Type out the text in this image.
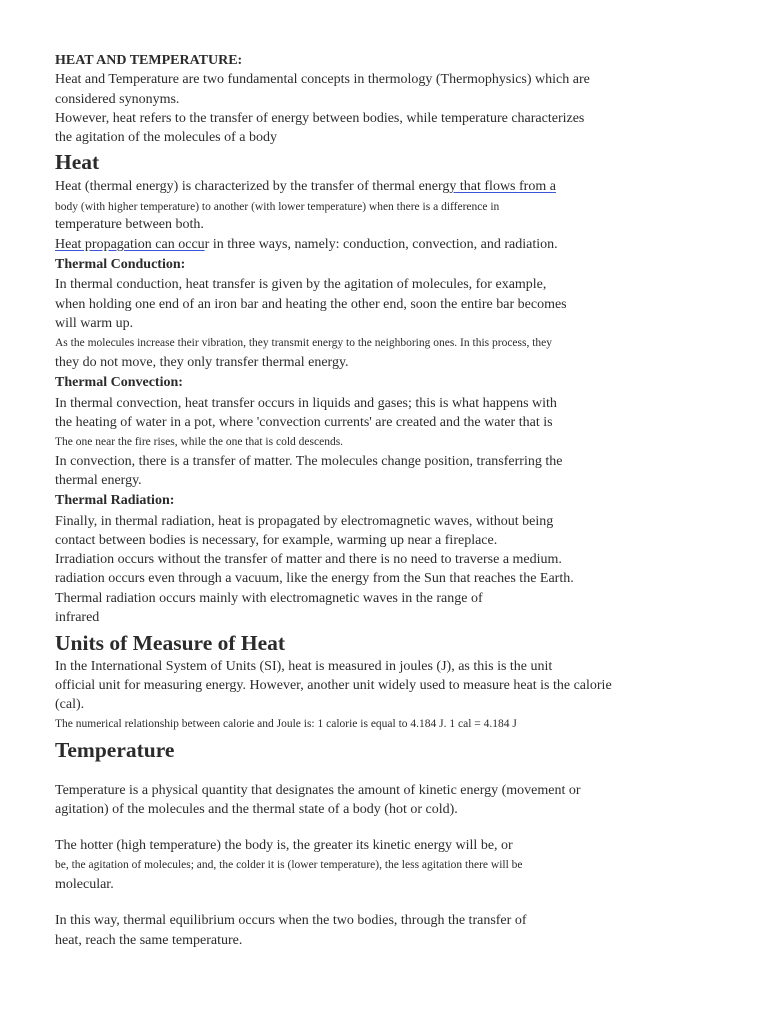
HEAT AND TEMPERATURE:
Heat and Temperature are two fundamental concepts in thermology (Thermophysics) which are
considered synonyms.
However, heat refers to the transfer of energy between bodies, while temperature characterizes
the agitation of the molecules of a body
Heat
Heat (thermal energy) is characterized by the transfer of thermal energy that flows from a
body (with higher temperature) to another (with lower temperature) when there is a difference in
temperature between both.
Heat propagation can occur in three ways, namely: conduction, convection, and radiation.
Thermal Conduction:
In thermal conduction, heat transfer is given by the agitation of molecules, for example,
when holding one end of an iron bar and heating the other end, soon the entire bar becomes
will warm up.
As the molecules increase their vibration, they transmit energy to the neighboring ones. In this process, they
they do not move, they only transfer thermal energy.
Thermal Convection:
In thermal convection, heat transfer occurs in liquids and gases; this is what happens with
the heating of water in a pot, where 'convection currents' are created and the water that is
The one near the fire rises, while the one that is cold descends.
In convection, there is a transfer of matter. The molecules change position, transferring the
thermal energy.
Thermal Radiation:
Finally, in thermal radiation, heat is propagated by electromagnetic waves, without being
contact between bodies is necessary, for example, warming up near a fireplace.
Irradiation occurs without the transfer of matter and there is no need to traverse a medium.
radiation occurs even through a vacuum, like the energy from the Sun that reaches the Earth.
Thermal radiation occurs mainly with electromagnetic waves in the range of
infrared
Units of Measure of Heat
In the International System of Units (SI), heat is measured in joules (J), as this is the unit
official unit for measuring energy. However, another unit widely used to measure heat is the calorie
(cal).
The numerical relationship between calorie and Joule is: 1 calorie is equal to 4.184 J. 1 cal = 4.184 J
Temperature
Temperature is a physical quantity that designates the amount of kinetic energy (movement or
agitation) of the molecules and the thermal state of a body (hot or cold).
The hotter (high temperature) the body is, the greater its kinetic energy will be, or
be, the agitation of molecules; and, the colder it is (lower temperature), the less agitation there will be
molecular.
In this way, thermal equilibrium occurs when the two bodies, through the transfer of
heat, reach the same temperature.
